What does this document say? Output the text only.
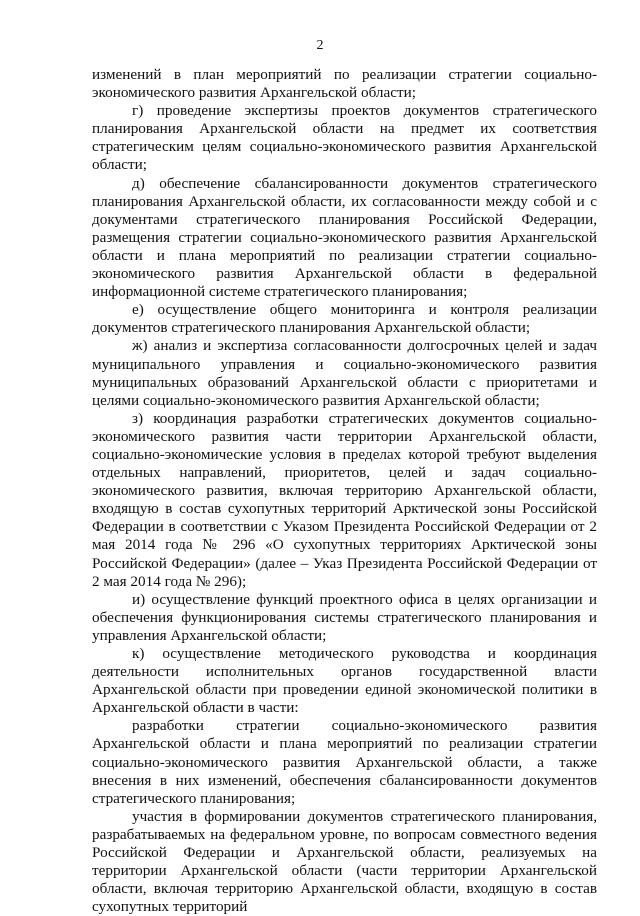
2

изменений в план мероприятий по реализации стратегии социально-экономического развития Архангельской области;

г) проведение экспертизы проектов документов стратегического планирования Архангельской области на предмет их соответствия стратегическим целям социально-экономического развития Архангельской области;

д) обеспечение сбалансированности документов стратегического планирования Архангельской области, их согласованности между собой и с документами стратегического планирования Российской Федерации, размещения стратегии социально-экономического развития Архангельской области и плана мероприятий по реализации стратегии социально-экономического развития Архангельской области в федеральной информационной системе стратегического планирования;

е) осуществление общего мониторинга и контроля реализации документов стратегического планирования Архангельской области;

ж) анализ и экспертиза согласованности долгосрочных целей и задач муниципального управления и социально-экономического развития муниципальных образований Архангельской области с приоритетами и целями социально-экономического развития Архангельской области;

з) координация разработки стратегических документов социально-экономического развития части территории Архангельской области, социально-экономические условия в пределах которой требуют выделения отдельных направлений, приоритетов, целей и задач социально-экономического развития, включая территорию Архангельской области, входящую в состав сухопутных территорий Арктической зоны Российской Федерации в соответствии с Указом Президента Российской Федерации от 2 мая 2014 года № 296 «О сухопутных территориях Арктической зоны Российской Федерации» (далее – Указ Президента Российской Федерации от 2 мая 2014 года № 296);

и) осуществление функций проектного офиса в целях организации и обеспечения функционирования системы стратегического планирования и управления Архангельской области;

к) осуществление методического руководства и координация деятельности исполнительных органов государственной власти Архангельской области при проведении единой экономической политики в Архангельской области в части:

разработки стратегии социально-экономического развития Архангельской области и плана мероприятий по реализации стратегии социально-экономического развития Архангельской области, а также внесения в них изменений, обеспечения сбалансированности документов стратегического планирования;

участия в формировании документов стратегического планирования, разрабатываемых на федеральном уровне, по вопросам совместного ведения Российской Федерации и Архангельской области, реализуемых на территории Архангельской области (части территории Архангельской области, включая территорию Архангельской области, входящую в состав сухопутных территорий
